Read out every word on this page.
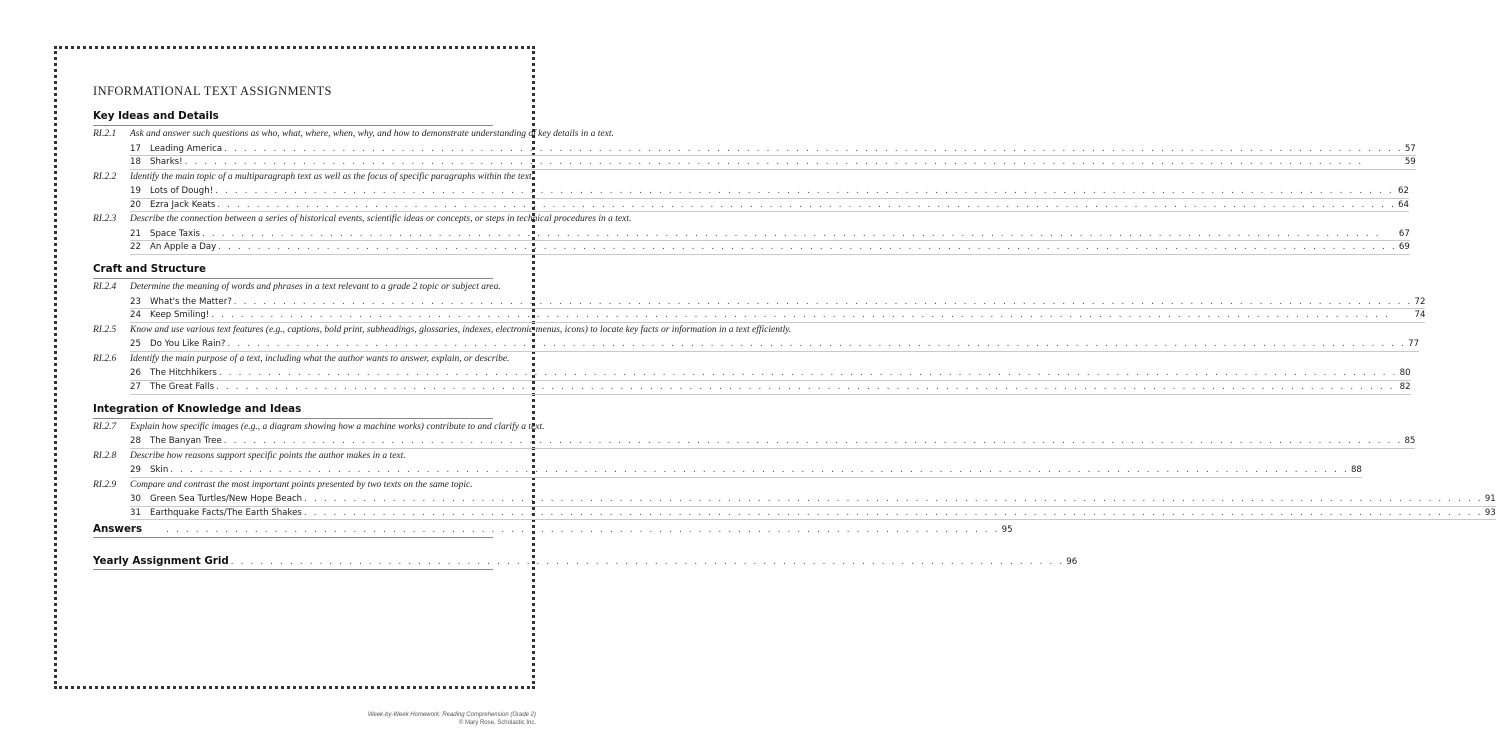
INFORMATIONAL TEXT ASSIGNMENTS
Key Ideas and Details
RI.2.1	Ask and answer such questions as who, what, where, when, why, and how to demonstrate understanding of key details in a text.
17	Leading America . . . . . . . . . . . . . . . . . . . . . . . . . . . . . . . . . . . . . . . . . . . . . . . . . . . . . . . . . . . . . . . . . . . . . . . . . . . . . . . . . . . . . . . . . . . . . . . . . . . . . . . . . . . . . . . . . . . . . . . . 57
18	Sharks! . . . . . . . . . . . . . . . . . . . . . . . . . . . . . . . . . . . . . . . . . . . . . . . . . . . . . . . . . . . . . . . . . . . . . . . . . . . . . . . . . . . . . . . . . . . . . . . . . . . . . . . . . . . . . . . . . . . . . . . .	59
RI.2.2	Identify the main topic of a multiparagraph text as well as the focus of specific paragraphs within the text.
19	Lots of Dough! . . . . . . . . . . . . . . . . . . . . . . . . . . . . . . . . . . . . . . . . . . . . . . . . . . . . . . . . . . . . . . . . . . . . . . . . . . . . . . . . . . . . . . . . . . . . . . . . . . . . . . . . . . . . . . . . . . . . . . . . 62
20	Ezra Jack Keats . . . . . . . . . . . . . . . . . . . . . . . . . . . . . . . . . . . . . . . . . . . . . . . . . . . . . . . . . . . . . . . . . . . . . . . . . . . . . . . . . . . . . . . . . . . . . . . . . . . . . . . . . . . . . . . . . . . . . . . . 64
RI.2.3	Describe the connection between a series of historical events, scientific ideas or concepts, or steps in technical procedures in a text.
21	Space Taxis . . . . . . . . . . . . . . . . . . . . . . . . . . . . . . . . . . . . . . . . . . . . . . . . . . . . . . . . . . . . . . . . . . . . . . . . . . . . . . . . . . . . . . . . . . . . . . . . . . . . . . . . . . . . . . . . . . . . . . . .	67
22	An Apple a Day . . . . . . . . . . . . . . . . . . . . . . . . . . . . . . . . . . . . . . . . . . . . . . . . . . . . . . . . . . . . . . . . . . . . . . . . . . . . . . . . . . . . . . . . . . . . . . . . . . . . . . . . . . . . . . . . . . . . . . . . 69
Craft and Structure
RI.2.4	Determine the meaning of words and phrases in a text relevant to a grade 2 topic or subject area.
23	What's the Matter? . . . . . . . . . . . . . . . . . . . . . . . . . . . . . . . . . . . . . . . . . . . . . . . . . . . . . . . . . . . . . . . . . . . . . . . . . . . . . . . . . . . . . . . . . . . . . . . . . . . . . . . . . . . . . . . . . . . . . . . . 72
24	Keep Smiling! . . . . . . . . . . . . . . . . . . . . . . . . . . . . . . . . . . . . . . . . . . . . . . . . . . . . . . . . . . . . . . . . . . . . . . . . . . . . . . . . . . . . . . . . . . . . . . . . . . . . . . . . . . . . . . . . . . . . . . . .	74
RI.2.5	Know and use various text features (e.g., captions, bold print, subheadings, glossaries, indexes, electronic menus, icons) to locate key facts or information in a text efficiently.
25	Do You Like Rain? . . . . . . . . . . . . . . . . . . . . . . . . . . . . . . . . . . . . . . . . . . . . . . . . . . . . . . . . . . . . . . . . . . . . . . . . . . . . . . . . . . . . . . . . . . . . . . . . . . . . . . . . . . . . . . . . . . . . . . . . 77
RI.2.6	Identify the main purpose of a text, including what the author wants to answer, explain, or describe.
26	The Hitchhikers . . . . . . . . . . . . . . . . . . . . . . . . . . . . . . . . . . . . . . . . . . . . . . . . . . . . . . . . . . . . . . . . . . . . . . . . . . . . . . . . . . . . . . . . . . . . . . . . . . . . . . . . . . . . . . . . . . . . . . . . 80
27	The Great Falls . . . . . . . . . . . . . . . . . . . . . . . . . . . . . . . . . . . . . . . . . . . . . . . . . . . . . . . . . . . . . . . . . . . . . . . . . . . . . . . . . . . . . . . . . . . . . . . . . . . . . . . . . . . . . . . . . . . . . . . . 82
Integration of Knowledge and Ideas
RI.2.7	Explain how specific images (e.g., a diagram showing how a machine works) contribute to and clarify a text.
28	The Banyan Tree . . . . . . . . . . . . . . . . . . . . . . . . . . . . . . . . . . . . . . . . . . . . . . . . . . . . . . . . . . . . . . . . . . . . . . . . . . . . . . . . . . . . . . . . . . . . . . . . . . . . . . . . . . . . . . . . . . . . . . . . 85
RI.2.8	Describe how reasons support specific points the author makes in a text.
29	Skin . . . . . . . . . . . . . . . . . . . . . . . . . . . . . . . . . . . . . . . . . . . . . . . . . . . . . . . . . . . . . . . . . . . . . . . . . . . . . . . . . . . . . . . . . . . . . . . . . . . . . . . . . . . . . . . . . . . . . . . . 88
RI.2.9	Compare and contrast the most important points presented by two texts on the same topic.
30	Green Sea Turtles/New Hope Beach . . . . . . . . . . . . . . . . . . . . . . . . . . . . . . . . . . . . . . . . . . . . . . . . . . . . . . . . . . . . . . . . . . . . . . . . . . . . . . . . . . . . . . . . . . . . . . . . . . . . . . . . . . . . . . . . . . . . . . . . 91
31	Earthquake Facts/The Earth Shakes . . . . . . . . . . . . . . . . . . . . . . . . . . . . . . . . . . . . . . . . . . . . . . . . . . . . . . . . . . . . . . . . . . . . . . . . . . . . . . . . . . . . . . . . . . . . . . . . . . . . . . . . . . . . . . . . . . . . . . . . 93
Answers	. . . . . . . . . . . . . . . . . . . . . . . . . . . . . . . . . . . . . . . . . . . . . . . . . . . . . . . . . . . . . . . . . . . . . . . . . . . . . . . . . . . . . 95
Yearly Assignment Grid . . . . . . . . . . . . . . . . . . . . . . . . . . . . . . . . . . . . . . . . . . . . . . . . . . . . . . . . . . . . . . . . . . . . . . . . . . . . . . . . . . . . . 96
Week-by-Week Homework: Reading Comprehension (Grade 2)
© Mary Rose, Scholastic Inc.
